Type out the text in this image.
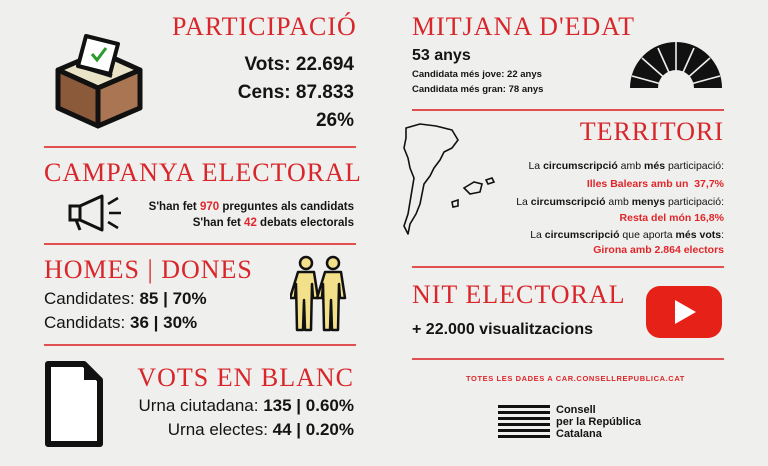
PARTICIPACIÓ
Vots: 22.694
Cens: 87.833
26%
CAMPANYA ELECTORAL
S'han fet 970 preguntes als candidats
S'han fet 42 debats electorals
HOMES | DONES
Candidates: 85 | 70%
Candidats: 36 | 30%
VOTS EN BLANC
Urna ciutadana: 135 | 0.60%
Urna electes: 44 | 0.20%
MITJANA D'EDAT
53 anys
Candidata més jove: 22 anys
Candidata més gran: 78 anys
TERRITORI
La circumscripció amb més participació:
Illes Balears amb un  37,7%
La circumscripció amb menys participació:
Resta del món 16,8%
La circumscripció que aporta més vots:
Girona amb 2.864 electors
NIT ELECTORAL
+ 22.000 visualitzacions
TOTES LES DADES A CAR.CONSELLREPUBLICA.CAT
Consell
per la República
Catalana
